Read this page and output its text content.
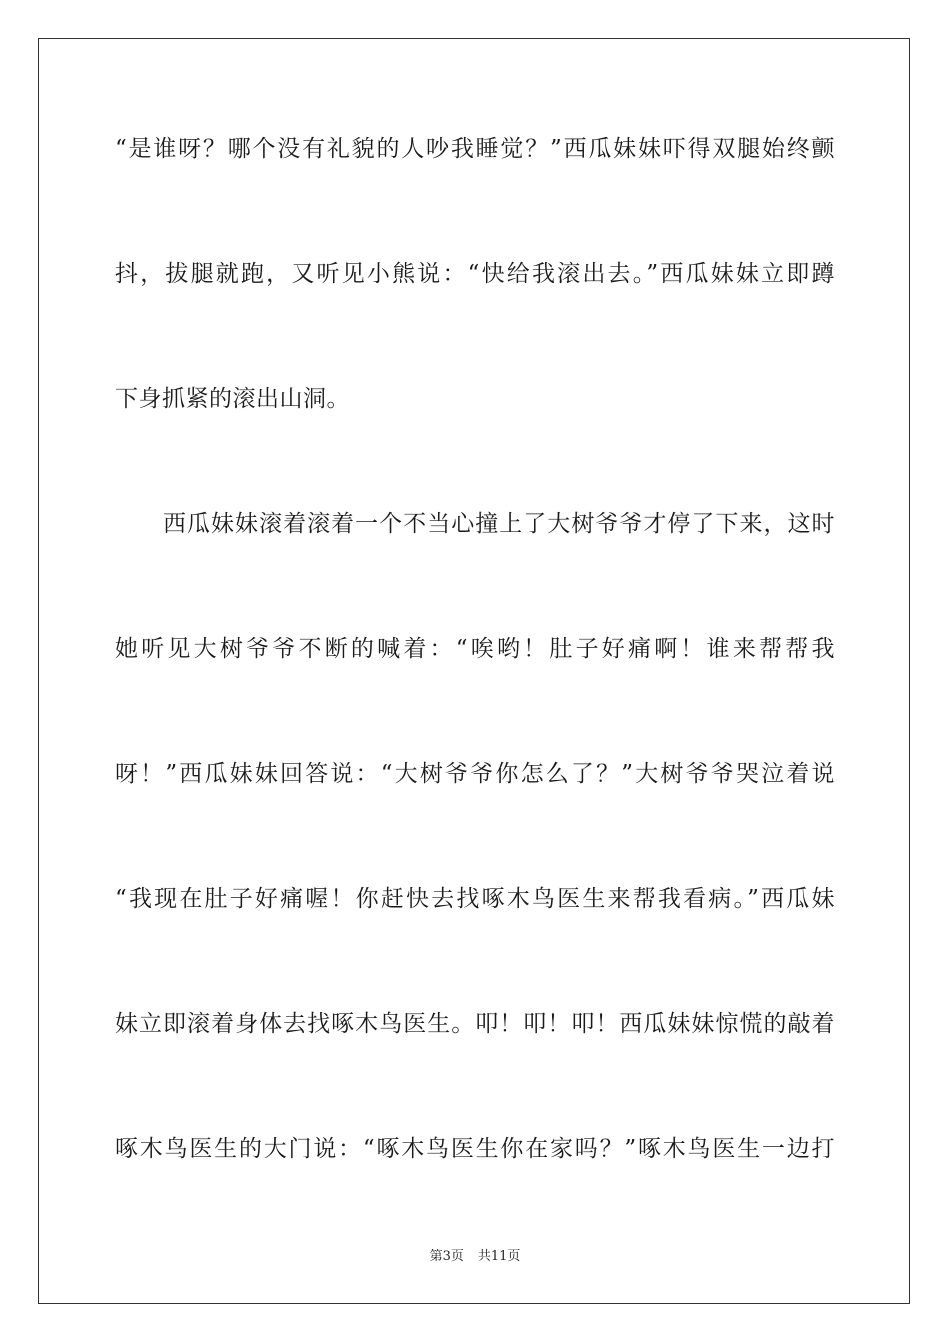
“是谁呀？哪个没有礼貌的人吵我睡觉？”西瓜妹妹吓得双腿始终颤
抖，拔腿就跑，又听见小熊说：“快给我滚出去。”西瓜妹妹立即蹲
下身抓紧的滚出山洞。
西瓜妹妹滚着滚着一个不当心撞上了大树爷爷才停了下来，这时
她听见大树爷爷不断的喊着：“唉哟！肚子好痛啊！谁来帮帮我
呀！”西瓜妹妹回答说：“大树爷爷你怎么了？”大树爷爷哭泣着说
“我现在肚子好痛喔！你赶快去找啄木鸟医生来帮我看病。”西瓜妹
妹立即滚着身体去找啄木鸟医生。叩！叩！叩！西瓜妹妹惊慌的敲着
啄木鸟医生的大门说：“啄木鸟医生你在家吗？”啄木鸟医生一边打
第3页 共11页
